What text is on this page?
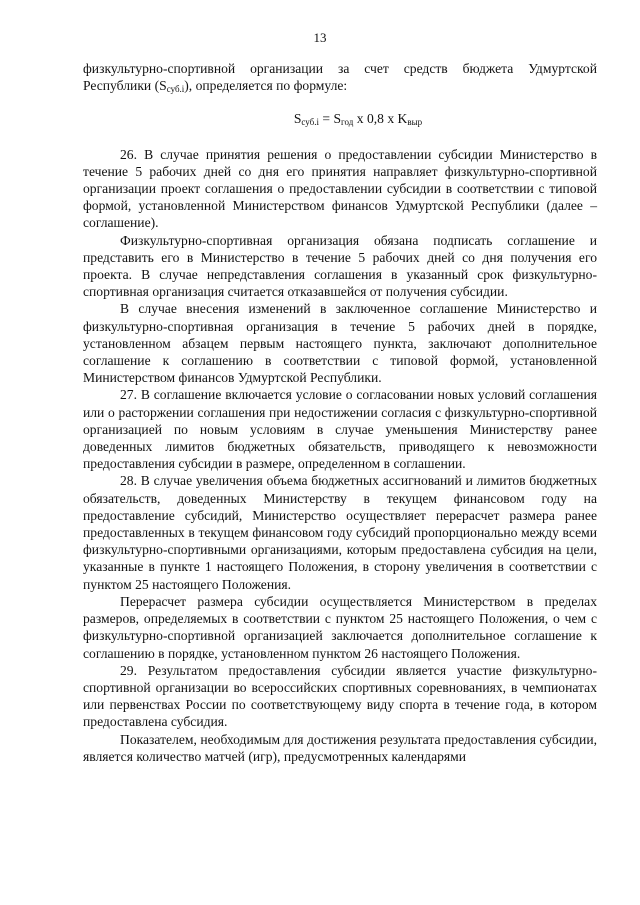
13

физкультурно-спортивной организации за счет средств бюджета Удмуртской Республики $(S_{суб.i})$, определяется по формуле:

$S_{суб.i} = S_{год}$ x 0,8 x $K_{выр}$

26. В случае принятия решения о предоставлении субсидии Министерство в течение 5 рабочих дней со дня его принятия направляет физкультурно-спортивной организации проект соглашения о предоставлении субсидии в соответствии с типовой формой, установленной Министерством финансов Удмуртской Республики (далее – соглашение).

Физкультурно-спортивная организация обязана подписать соглашение и представить его в Министерство в течение 5 рабочих дней со дня получения его проекта. В случае непредставления соглашения в указанный срок физкультурно-спортивная организация считается отказавшейся от получения субсидии.

В случае внесения изменений в заключенное соглашение Министерство и физкультурно-спортивная организация в течение 5 рабочих дней в порядке, установленном абзацем первым настоящего пункта, заключают дополнительное соглашение к соглашению в соответствии с типовой формой, установленной Министерством финансов Удмуртской Республики.

27. В соглашение включается условие о согласовании новых условий соглашения или о расторжении соглашения при недостижении согласия с физкультурно-спортивной организацией по новым условиям в случае уменьшения Министерству ранее доведенных лимитов бюджетных обязательств, приводящего к невозможности предоставления субсидии в размере, определенном в соглашении.

28. В случае увеличения объема бюджетных ассигнований и лимитов бюджетных обязательств, доведенных Министерству в текущем финансовом году на предоставление субсидий, Министерство осуществляет перерасчет размера ранее предоставленных в текущем финансовом году субсидий пропорционально между всеми физкультурно-спортивными организациями, которым предоставлена субсидия на цели, указанные в пункте 1 настоящего Положения, в сторону увеличения в соответствии с пунктом 25 настоящего Положения.

Перерасчет размера субсидии осуществляется Министерством в пределах размеров, определяемых в соответствии с пунктом 25 настоящего Положения, о чем с физкультурно-спортивной организацией заключается дополнительное соглашение к соглашению в порядке, установленном пунктом 26 настоящего Положения.

29. Результатом предоставления субсидии является участие физкультурно-спортивной организации во всероссийских спортивных соревнованиях, в чемпионатах или первенствах России по соответствующему виду спорта в течение года, в котором предоставлена субсидия.

Показателем, необходимым для достижения результата предоставления субсидии, является количество матчей (игр), предусмотренных календарями
